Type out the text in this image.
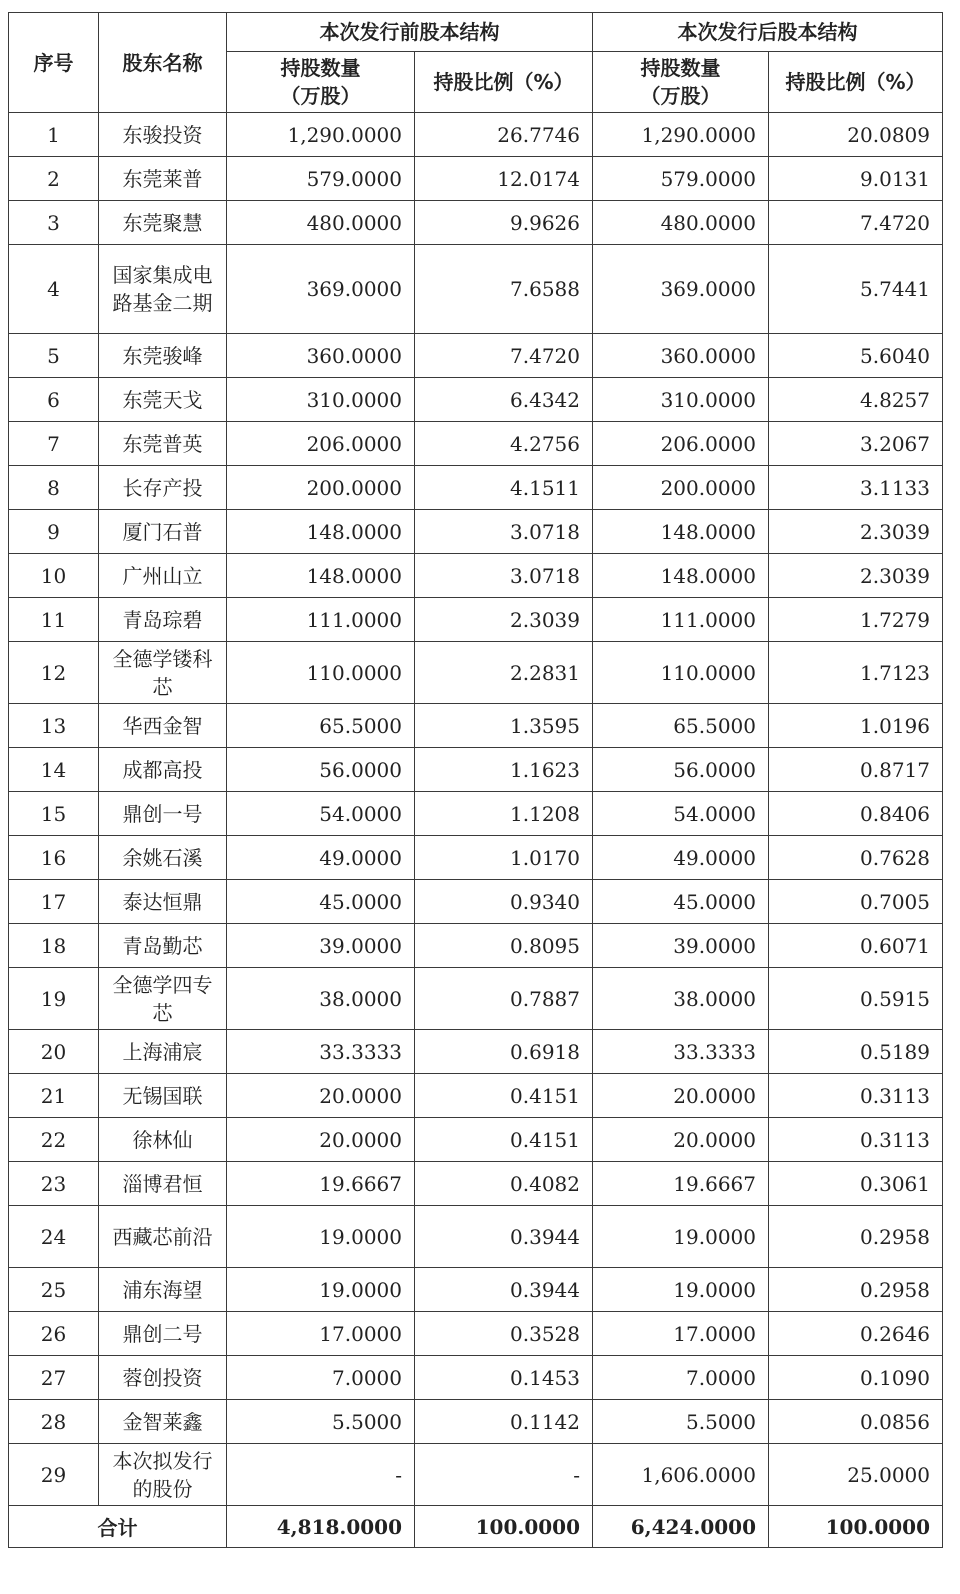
序号	股东名称	本次发行前股本结构		本次发行后股本结构	
		持股数量（万股）	持股比例（%）	持股数量（万股）	持股比例（%）
1	东骏投资	1,290.0000	26.7746	1,290.0000	20.0809
2	东莞莱普	579.0000	12.0174	579.0000	9.0131
3	东莞聚慧	480.0000	9.9626	480.0000	7.4720
4	国家集成电路基金二期	369.0000	7.6588	369.0000	5.7441
5	东莞骏峰	360.0000	7.4720	360.0000	5.6040
6	东莞天戈	310.0000	6.4342	310.0000	4.8257
7	东莞普英	206.0000	4.2756	206.0000	3.2067
8	长存产投	200.0000	4.1511	200.0000	3.1133
9	厦门石普	148.0000	3.0718	148.0000	2.3039
10	广州山立	148.0000	3.0718	148.0000	2.3039
11	青岛琮碧	111.0000	2.3039	111.0000	1.7279
12	全德学镂科芯	110.0000	2.2831	110.0000	1.7123
13	华西金智	65.5000	1.3595	65.5000	1.0196
14	成都高投	56.0000	1.1623	56.0000	0.8717
15	鼎创一号	54.0000	1.1208	54.0000	0.8406
16	余姚石溪	49.0000	1.0170	49.0000	0.7628
17	泰达恒鼎	45.0000	0.9340	45.0000	0.7005
18	青岛勤芯	39.0000	0.8095	39.0000	0.6071
19	全德学四专芯	38.0000	0.7887	38.0000	0.5915
20	上海浦宸	33.3333	0.6918	33.3333	0.5189
21	无锡国联	20.0000	0.4151	20.0000	0.3113
22	徐林仙	20.0000	0.4151	20.0000	0.3113
23	淄博君恒	19.6667	0.4082	19.6667	0.3061
24	西藏芯前沿	19.0000	0.3944	19.0000	0.2958
25	浦东海望	19.0000	0.3944	19.0000	0.2958
26	鼎创二号	17.0000	0.3528	17.0000	0.2646
27	蓉创投资	7.0000	0.1453	7.0000	0.1090
28	金智莱鑫	5.5000	0.1142	5.5000	0.0856
29	本次拟发行的股份	-	-	1,606.0000	25.0000
合计		4,818.0000	100.0000	6,424.0000	100.0000
